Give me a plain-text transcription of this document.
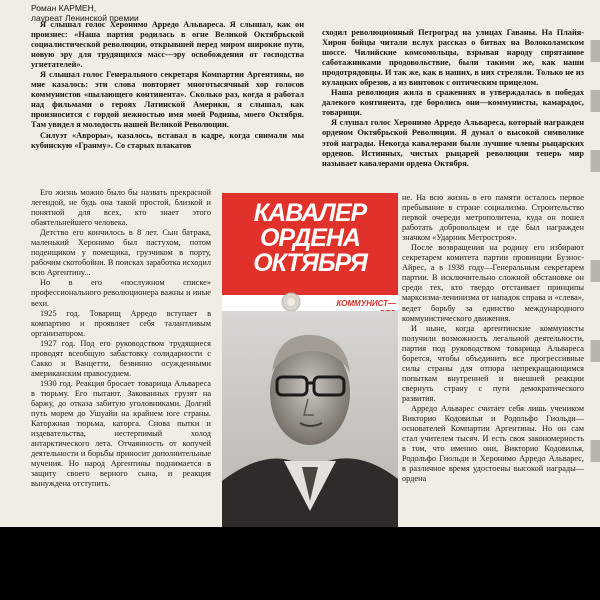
Роман КАРМЕН,
лауреат Ленинской премии

Я слышал голос Херонимо Арредо Альвареса. Я слышал, как он произнес: «Наша партия родилась в огне Великой Октябрьской социалистической революции, открывшей перед миром широкие пути, новую эру для трудящихся масс—эру освобождения от господства угнетателей».

Я слышал голос Генерального секретаря Компартии Аргентины, но мне казалось: эти слова повторяет многотысячный хор голосов коммунистов «пылающего континента». Сколько раз, когда я работал над фильмами о героях Латинской Америки, я слышал, как произносится с гордой нежностью имя моей Родины, моего Октября. Там увидел я молодость нашей Великой Революции.

Силуэт «Авроры», казалось, вставал в кадре, когда снимали мы кубинскую «Гранму». Со старых плакатов

сходил революционный Петроград на улицах Гаваны. На Плайя-Хирон бойцы читали вслух рассказ о битвах на Волоколамском шоссе. Чилийские комсомольцы, взрывая народу спрятанное саботажниками продовольствие, были такими же, как наши продотрядовцы. И так же, как в наших, в них стреляли. Только не из кулацких обрезов, а из винтовок с оптическим прицелом.

Наша революция жила в сражениях и утверждалась в победах далекого континента, где боролись они—коммунисты, камарадос, товарищи.

Я слушал голос Херонимо Арредо Альвареса, который награжден орденом Октябрьской Революции. Я думал о высокой символике этой награды. Некогда кавалерами были лучшие члены рыцарских орденов. Истинных, чистых рыцарей революции теперь мир называет кавалерами ордена Октября.

Его жизнь можно было бы назвать прекрасной легендой, не будь она такой простой, близкой и понятной для всех, кто знает этого обаятельнейшего человека.

Детство его кончилось в 8 лет. Сын батрака, маленький Херонимо был пастухом, потом поденщиком у помещика, грузчиком в порту, рабочим скотобойни. В поисках заработка исходил всю Аргентину...

Но в его «послужном списке» профессионального революционера важны и иные вехи.

1925 год. Товарищ Арредо вступает в компартию и проявляет себя талантливым организатором.

1927 год. Под его руководством трудящиеся проводят всеобщую забастовку солидарности с Сакко и Ванцетти, безвинно осужденными американским правосудием.

1930 год. Реакция бросает товарища Альвареса в тюрьму. Его пытают. Закованных грузят на баржу, до отказа забитую уголовниками. Долгий путь морем до Ушуайи на крайнем юге страны. Каторжная тюрьма, каторга. Снова пытки и издевательства, нестерпимый холод антарктического лета. Отчаянность от копучей деятельности и борьбы приносит дополнительные мучения. Но народ Аргентины поднимается в защиту своего верного сына, и реакция вынуждена отступить.

КАВАЛЕР ОРДЕНА ОКТЯБРЯ
КОММУНИСТ—

не. На всю жизнь в его памяти осталось первое пребывание в стране социализма. Строительство первой очереди метрополитена, куда он пошел работать добровольцем и где был награжден значком «Ударник Метростроя».

После возвращения на родину его избирают секретарем комитета партии провинции Буэнос-Айрес, а в 1938 году—Генеральным секретарем партии. В исключительно сложной обстановке он среди тех, кто твердо отстаивает принципы марксизма-ленинизма от нападок справа и «слева», ведет борьбу за единство международного коммунистического движения.

И ныне, когда аргентинские коммунисты получили возможность легальной деятельности, партия под руководством товарища Альвареса борется, чтобы объединить все прогрессивные силы страны для отпора непрекращающимся попыткам внутренней и внешней реакции свернуть страну с пути демократического развития.

Арредо Альварес считает себя лишь учеником Викторио Кодовильи и Родольфо Гиольди—основателей Компартии Аргентины. Но он сам стал учителем тысяч. И есть своя закономерность в том, что именно они, Викторио Кодовилья, Родольфо Гиольди и Херонимо Арредо Альварес, в различное время удостоены высокой награды—ордена
